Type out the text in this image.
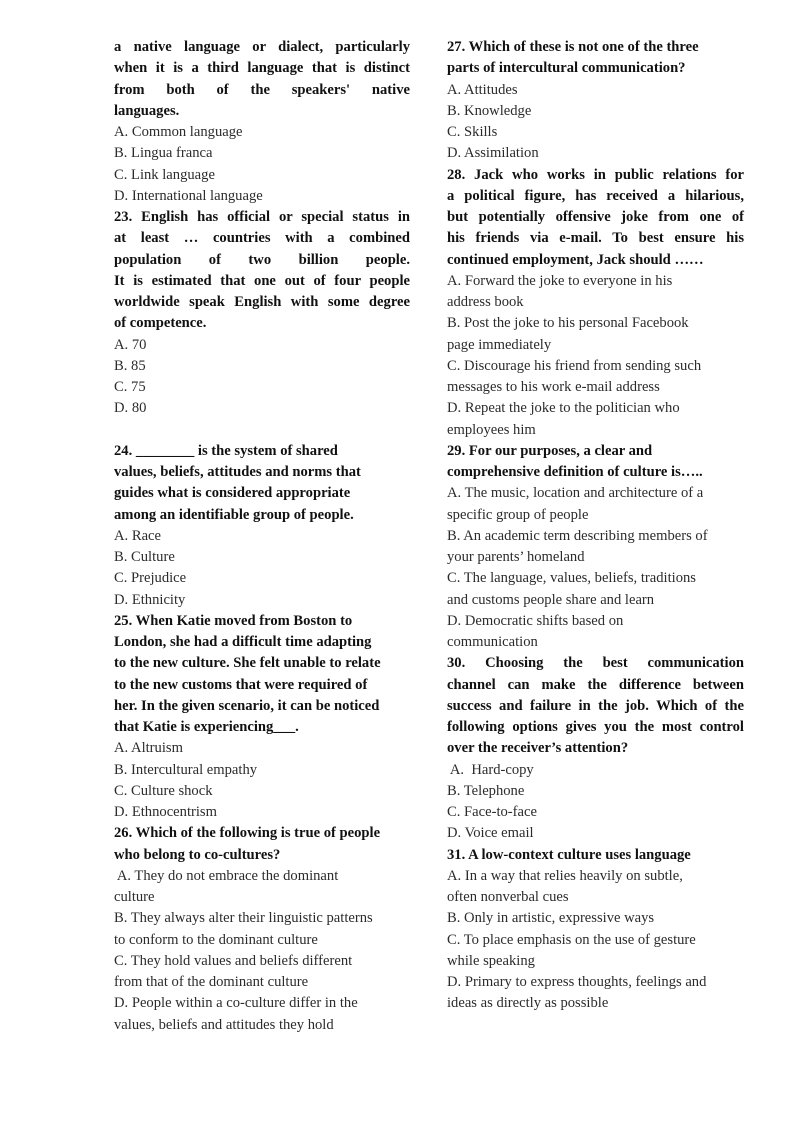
a native language or dialect, particularly
when it is a third language that is distinct
from both of the speakers' native
languages.
A. Common language
B. Lingua franca
C. Link language
D. International language
23. English has official or special status in
at least … countries with a combined
population of two billion people.
It is estimated that one out of four people
worldwide speak English with some degree
of competence.
A. 70
B. 85
C. 75
D. 80
24. ________ is the system of shared
values, beliefs, attitudes and norms that
guides what is considered appropriate
among an identifiable group of people.
A. Race
B. Culture
C. Prejudice
D. Ethnicity
25. When Katie moved from Boston to
London, she had a difficult time adapting
to the new culture. She felt unable to relate
to the new customs that were required of
her. In the given scenario, it can be noticed
that Katie is experiencing___.
A. Altruism
B. Intercultural empathy
C. Culture shock
D. Ethnocentrism
26. Which of the following is true of people
who belong to co-cultures?
A. They do not embrace the dominant
culture
B. They always alter their linguistic patterns
to conform to the dominant culture
C. They hold values and beliefs different
from that of the dominant culture
D. People within a co-culture differ in the
values, beliefs and attitudes they hold
27. Which of these is not one of the three
parts of intercultural communication?
A. Attitudes
B. Knowledge
C. Skills
D. Assimilation
28. Jack who works in public relations for
a political figure, has received a hilarious,
but potentially offensive joke from one of
his friends via e-mail. To best ensure his
continued employment, Jack should ……
A. Forward the joke to everyone in his
address book
B. Post the joke to his personal Facebook
page immediately
C. Discourage his friend from sending such
messages to his work e-mail address
D. Repeat the joke to the politician who
employees him
29. For our purposes, a clear and
comprehensive definition of culture is…..
A. The music, location and architecture of a
specific group of people
B. An academic term describing members of
your parents’ homeland
C. The language, values, beliefs, traditions
and customs people share and learn
D. Democratic shifts based on
communication
30. Choosing the best communication
channel can make the difference between
success and failure in the job. Which of the
following options gives you the most control
over the receiver’s attention?
A.  Hard-copy
B. Telephone
C. Face-to-face
D. Voice email
31. A low-context culture uses language
A. In a way that relies heavily on subtle,
often nonverbal cues
B. Only in artistic, expressive ways
C. To place emphasis on the use of gesture
while speaking
D. Primary to express thoughts, feelings and
ideas as directly as possible
